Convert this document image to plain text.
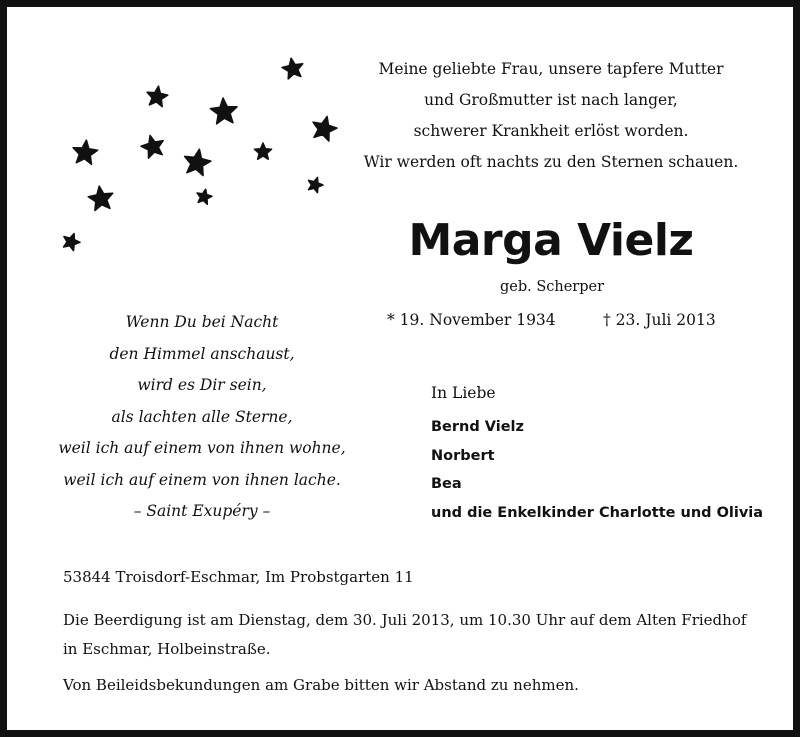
Meine geliebte Frau, unsere tapfere Mutter
und Großmutter ist nach langer,
schwerer Krankheit erlöst worden.
Wir werden oft nachts zu den Sternen schauen.
Marga Vielz
geb. Scherper
* 19. November 1934	† 23. Juli 2013
Wenn Du bei Nacht
den Himmel anschaust,
wird es Dir sein,
als lachten alle Sterne,
weil ich auf einem von ihnen wohne,
weil ich auf einem von ihnen lache.
– Saint Exupéry –
In Liebe
Bernd Vielz
Norbert
Bea
und die Enkelkinder Charlotte und Olivia
53844 Troisdorf-Eschmar, Im Probstgarten 11
Die Beerdigung ist am Dienstag, dem 30. Juli 2013, um 10.30 Uhr auf dem Alten Friedhof
in Eschmar, Holbeinstraße.
Von Beileidsbekundungen am Grabe bitten wir Abstand zu nehmen.
